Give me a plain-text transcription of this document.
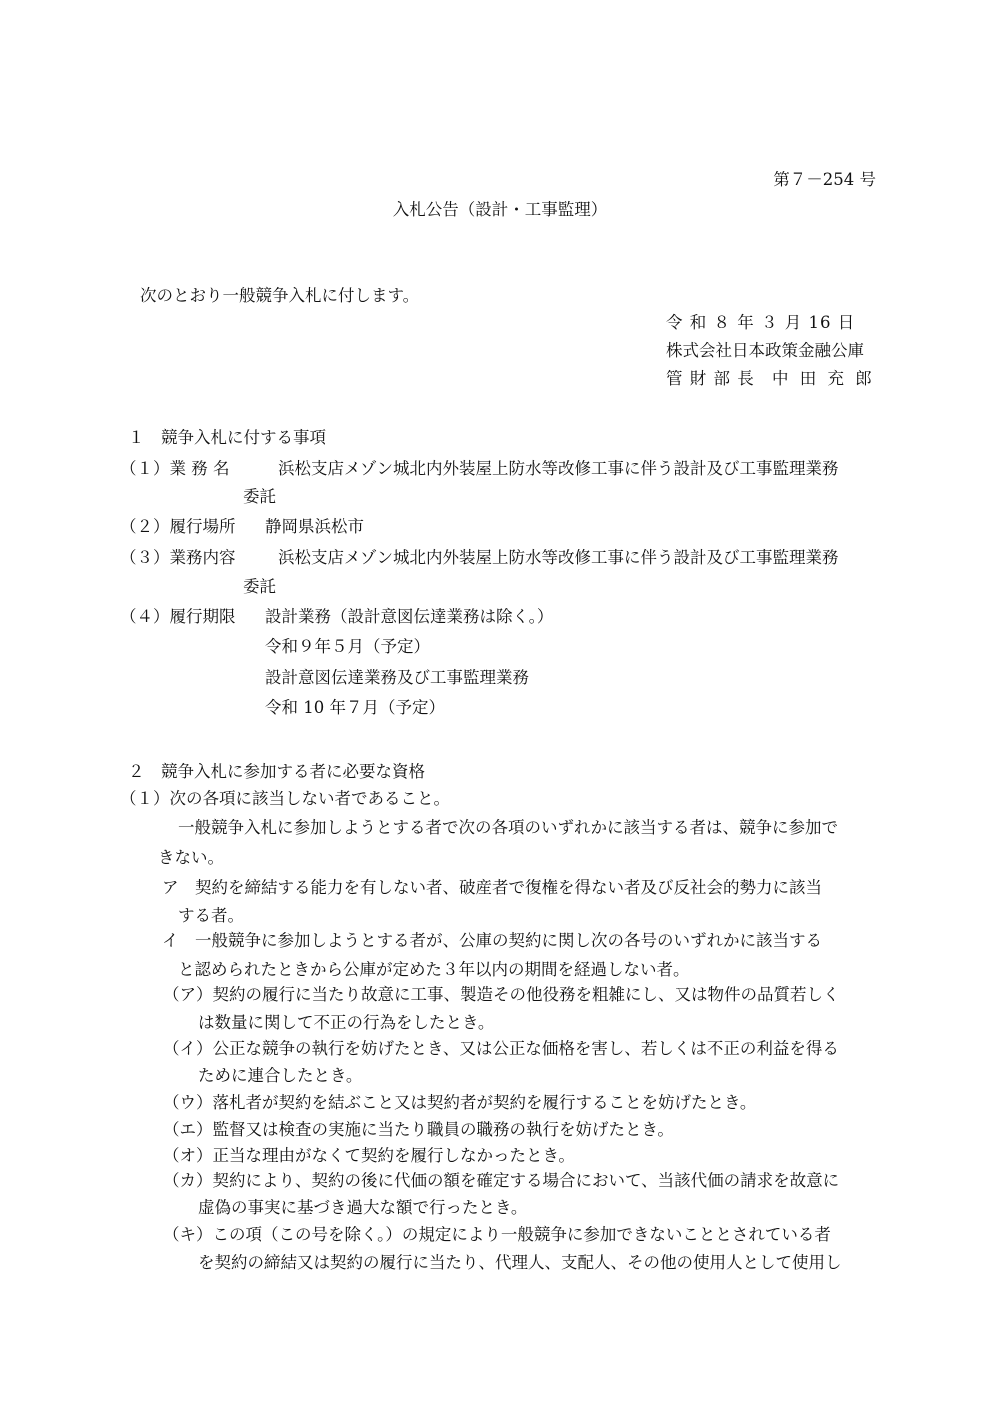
第７－254 号
入札公告（設計・工事監理）
次のとおり一般競争入札に付します。
令 和 ８ 年 ３ 月 16 日
株式会社日本政策金融公庫
管 財 部 長 中 田 充 郎
１　競争入札に付する事項
（１）業 務 名	浜松支店メゾン城北内外装屋上防水等改修工事に伴う設計及び工事監理業務
委託
（２）履行場所 静岡県浜松市
（３）業務内容	浜松支店メゾン城北内外装屋上防水等改修工事に伴う設計及び工事監理業務
委託
（４）履行期限 設計業務（設計意図伝達業務は除く。）
令和９年５月（予定）
設計意図伝達業務及び工事監理業務
令和 10 年７月（予定）
２　競争入札に参加する者に必要な資格
（１）次の各項に該当しない者であること。
一般競争入札に参加しようとする者で次の各項のいずれかに該当する者は、競争に参加で
きない。
ア　契約を締結する能力を有しない者、破産者で復権を得ない者及び反社会的勢力に該当
する者。
イ　一般競争に参加しようとする者が、公庫の契約に関し次の各号のいずれかに該当する
と認められたときから公庫が定めた３年以内の期間を経過しない者。
（ア）契約の履行に当たり故意に工事、製造その他役務を粗雑にし、又は物件の品質若しく
は数量に関して不正の行為をしたとき。
（イ）公正な競争の執行を妨げたとき、又は公正な価格を害し、若しくは不正の利益を得る
ために連合したとき。
（ウ）落札者が契約を結ぶこと又は契約者が契約を履行することを妨げたとき。
（エ）監督又は検査の実施に当たり職員の職務の執行を妨げたとき。
（オ）正当な理由がなくて契約を履行しなかったとき。
（カ）契約により、契約の後に代価の額を確定する場合において、当該代価の請求を故意に
虚偽の事実に基づき過大な額で行ったとき。
（キ）この項（この号を除く。）の規定により一般競争に参加できないこととされている者
を契約の締結又は契約の履行に当たり、代理人、支配人、その他の使用人として使用し
